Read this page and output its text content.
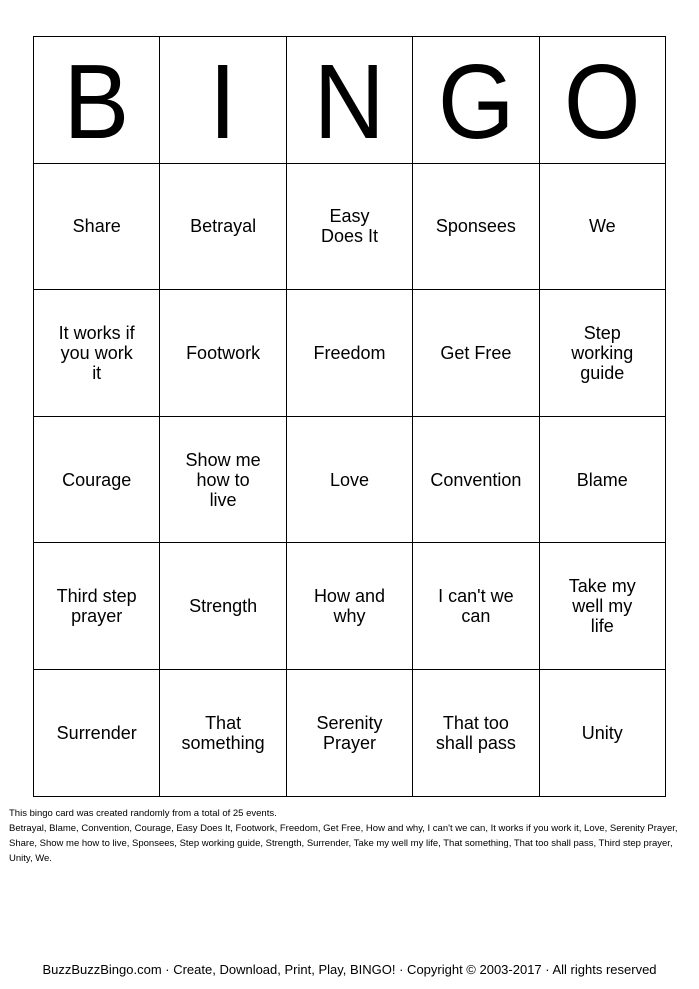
B	I	N	G	O
Share	Betrayal	Easy Does It	Sponsees	We
It works if you work it	Footwork	Freedom	Get Free	Step working guide
Courage	Show me how to live	Love	Convention	Blame
Third step prayer	Strength	How and why	I can't we can	Take my well my life
Surrender	That something	Serenity Prayer	That too shall pass	Unity
This bingo card was created randomly from a total of 25 events.
Betrayal, Blame, Convention, Courage, Easy Does It, Footwork, Freedom, Get Free, How and why, I can't we can, It works if you work it, Love, Serenity Prayer, Share, Show me how to live, Sponsees, Step working guide, Strength, Surrender, Take my well my life, That something, That too shall pass, Third step prayer, Unity, We.
BuzzBuzzBingo.com · Create, Download, Print, Play, BINGO! · Copyright © 2003-2017 · All rights reserved
